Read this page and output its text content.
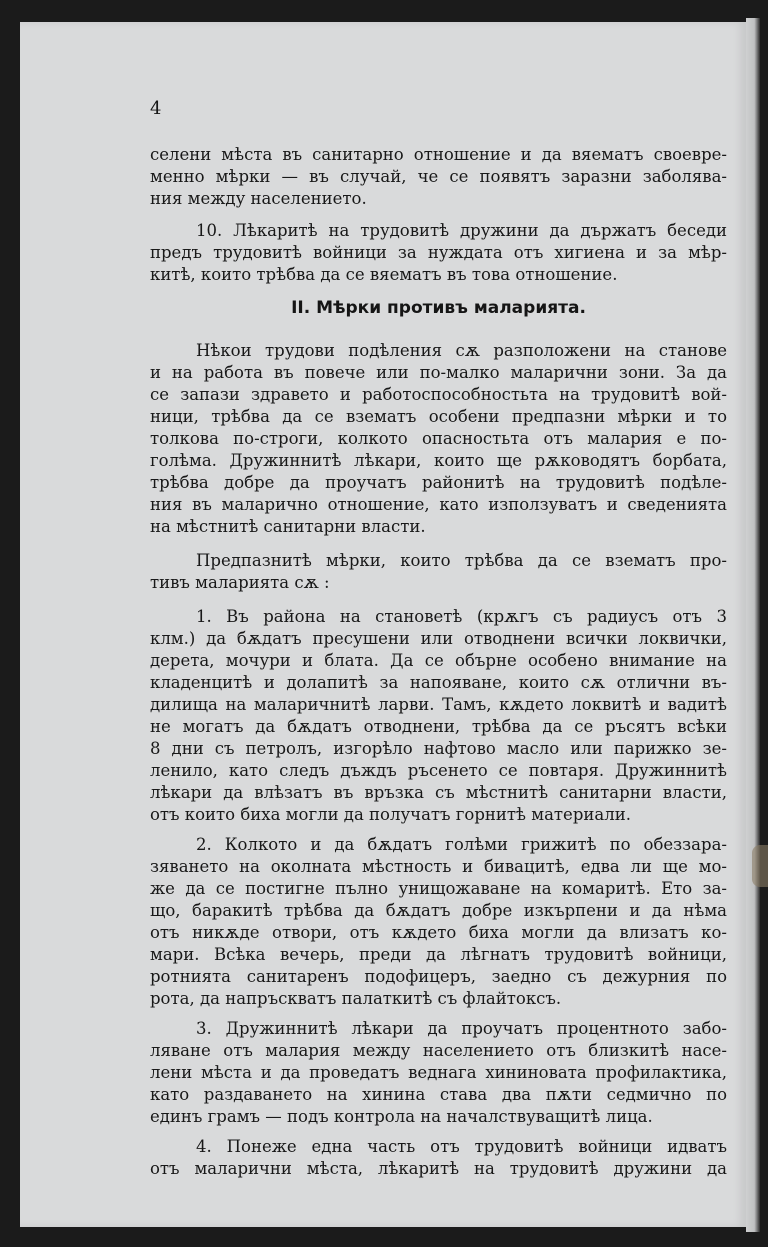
4
селени мѣста въ санитарно отношение и да вяематъ своевре-
менно мѣрки — въ случай, че се появятъ заразни заболява-
ния между населението.
10. Лѣкаритѣ на трудовитѣ дружини да държатъ беседи
предъ трудовитѣ войници за нуждата отъ хигиена и за мѣр-
китѣ, които трѣбва да се вяематъ въ това отношение.
II. Мѣрки противъ маларията.
Нѣкои трудови подѣления сѫ разположени на станове
и на работа въ повече или по-малко маларични зони. За да
се запази здравето и работоспособностьта на трудовитѣ вой-
ници, трѣбва да се взематъ особени предпазни мѣрки и то
толкова по-строги, колкото опасностьта отъ малария е по-
голѣма. Дружиннитѣ лѣкари, които ще рѫководятъ борбата,
трѣбва добре да проучатъ районитѣ на трудовитѣ подѣле-
ния въ маларично отношение, като използуватъ и сведенията
на мѣстнитѣ санитарни власти.
Предпазнитѣ мѣрки, които трѣбва да се взематъ про-
тивъ маларията сѫ :
1. Въ района на становетѣ (крѫгъ съ радиусъ отъ 3
клм.) да бѫдатъ пресушени или отводнени всички локвички,
дерета, мочури и блата. Да се обърне особено внимание на
кладенцитѣ и долапитѣ за напояване, които сѫ отлични въ-
дилища на маларичнитѣ ларви. Тамъ, кѫдето локвитѣ и вадитѣ
не могатъ да бѫдатъ отводнени, трѣбва да се ръсятъ всѣки
8 дни съ петролъ, изгорѣло нафтово масло или парижко зе-
ленило, като следъ дъждъ ръсенето се повтаря. Дружиннитѣ
лѣкари да влѣзатъ въ връзка съ мѣстнитѣ санитарни власти,
отъ които биха могли да получатъ горнитѣ материали.
2. Колкото и да бѫдатъ голѣми грижитѣ по обеззара-
зяването на околната мѣстность и бивацитѣ, едва ли ще мо-
же да се постигне пълно унищожаване на комаритѣ. Ето за-
що, баракитѣ трѣбва да бѫдатъ добре изкърпени и да нѣма
отъ никѫде отвори, отъ кѫдето биха могли да влизатъ ко-
мари. Всѣка вечерь, преди да лѣгнатъ трудовитѣ войници,
ротнията санитаренъ подофицеръ, заедно съ дежурния по
рота, да напръскватъ палаткитѣ съ флайтоксъ.
3. Дружиннитѣ лѣкари да проучатъ процентното забо-
ляване отъ малария между населението отъ близкитѣ насе-
лени мѣста и да проведатъ веднага хининовата профилактика,
като раздаването на хинина става два пѫти седмично по
единъ грамъ — подъ контрола на началствуващитѣ лица.
4. Понеже една часть отъ трудовитѣ войници идватъ
отъ маларични мѣста, лѣкаритѣ на трудовитѣ дружини да
